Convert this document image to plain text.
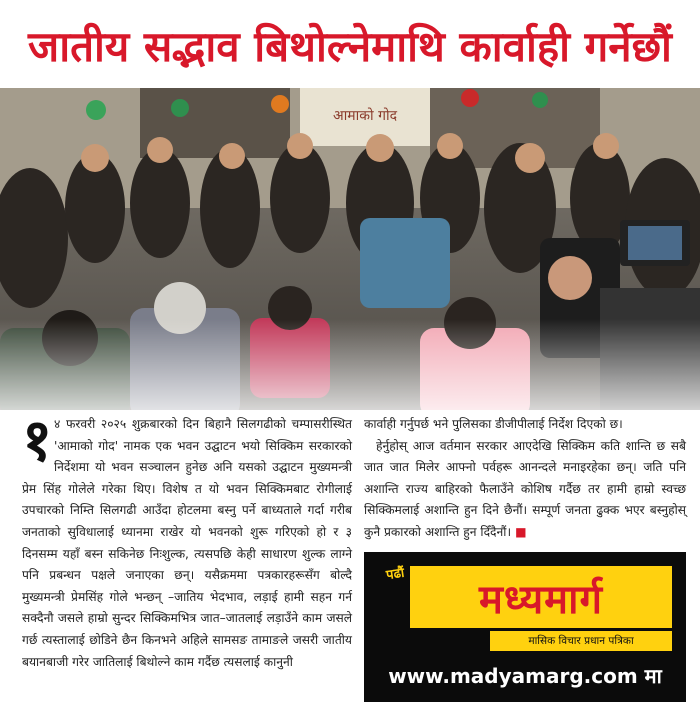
जातीय सद्भाव बिथोल्नेमाथि कार्वाही गर्नेछौं
१ ४ फरवरी २०२५ शुक्रबारको दिन बिहानै सिलगढीको चम्पासरीस्थित 'आमाको गोद' नामक एक भवन उद्घाटन भयो सिक्किम सरकारको निर्देशमा यो भवन सञ्चालन हुनेछ अनि यसको उद्घाटन मुख्यमन्त्री प्रेम सिंह गोलेले गरेका थिए। विशेष त यो भवन सिक्किमबाट रोगीलाई उपचारको निम्ति सिलगढी आउँदा होटलमा बस्नु पर्ने बाध्यताले गर्दा गरीब जनताको सुविधालाई ध्यानमा राखेर यो भवनको शुरू गरिएको हो र ३ दिनसम्म यहाँ बस्न सकिनेछ निःशुल्क, त्यसपछि केही साधारण शुल्क लाग्ने पनि प्रबन्धन पक्षले जनाएका छन्। यसैक्रममा पत्रकारहरूसँग बोल्दै मुख्यमन्त्री प्रेमसिंह गोले भन्छन् –जातिय भेदभाव, लड़ाई हामी सहन गर्न सक्दैनौ जसले हाम्रो सुन्दर सिक्किमभित्र जात–जातलाई लड़ाउँने काम जसले गर्छ त्यस्तालाई छोडिने छैन किनभने अहिले सामसङ तामाङले जसरी जातीय बयानबाजी गरेर जातिलाई बिथोल्ने काम गर्दैछ त्यसलाई कानुनी

कार्वाही गर्नुपर्छ भने पुलिसका डीजीपीलाई निर्देश दिएको छ।

हेर्नुहोस् आज वर्तमान सरकार आएदेखि सिक्किम कति शान्ति छ सबै जात जात मिलेर आफ्नो पर्वहरू आनन्दले मनाइरहेका छन्। जति पनि अशान्ति राज्य बाहिरको फैलाउँने कोशिष गर्दैछ तर हामी हाम्रो स्वच्छ सिक्किमलाई अशान्ति हुन दिने छैनौं। सम्पूर्ण जनता ढुक्क भएर बस्नुहोस् कुनै प्रकारको अशान्ति हुन दिँदैनौं। ■

पढौं
मध्यमार्ग
मासिक विचार प्रधान पत्रिका
www.madyamarg.com मा
